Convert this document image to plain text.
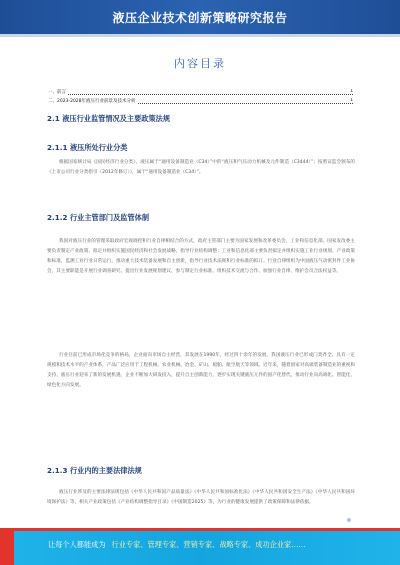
液压企业技术创新策略研究报告
内容目录
一、前言	1
二、2023-2028年液压行业前景及技术分析	1
2.1 液压行业监管情况及主要政策法规
2.1.1 液压所处行业分类
根据国家统计局《国民经济行业分类》，液压属于“通用设备制造业（C34）”中的“液压和气压动力机械及元件制造（C3444）”；按照证监会颁布的《上市公司行业分类指引（2012年修订）》，属于“通用设备制造业（C34）”。
2.1.2 行业主管部门及监管体制
我国对液压行业的管理采取政府宏观调控和行业自律相结合的方式，政府主管部门主要为国家发展和改革委员会、工业和信息化部。国家发改委主要负责制定产业政策、拟定并组织实施国民经济和社会发展战略，指导行业结构调整；工业和信息化部主要负责拟定并组织实施工业行业规划、产业政策和标准，监测工业行业日常运行，推动重大技术装备发展和自主创新，指导行业技术法规和行业标准的拟订。行业自律组织为中国液压气动密封件工业协会，其主要职能是开展行业调查研究、提出行业发展规划建议、参与制定行业标准、组织技术交流与合作、加强行业自律、维护会员合法权益等。
行业目前已形成市场化竞争的格局，企业面向市场自主经营，其发展在1990年，经过四十余年的发展，我国液压行业已形成门类齐全、具有一定规模和技术水平的产业体系，产品广泛应用于工程机械、农业机械、冶金、矿山、船舶、航空航天等领域。近年来，随着国家对高端装备制造业的重视和支持，液压行业迎来了新的发展机遇，企业不断加大研发投入，提升自主创新能力，逐步实现关键液压元件的国产化替代，推动行业向高端化、智能化、绿色化方向发展。
2.1.3 行业内的主要法律法规
液压行业涉及的主要法律法规包括《中华人民共和国产品质量法》《中华人民共和国标准化法》《中华人民共和国安全生产法》《中华人民共和国环境保护法》等，相关产业政策包括《产业结构调整指导目录》《中国制造2025》等，为行业的健康发展提供了政策保障和法律依据。
让每个人都能成为 行业专家、管理专家、营销专家、战略专家、成功企业家……
